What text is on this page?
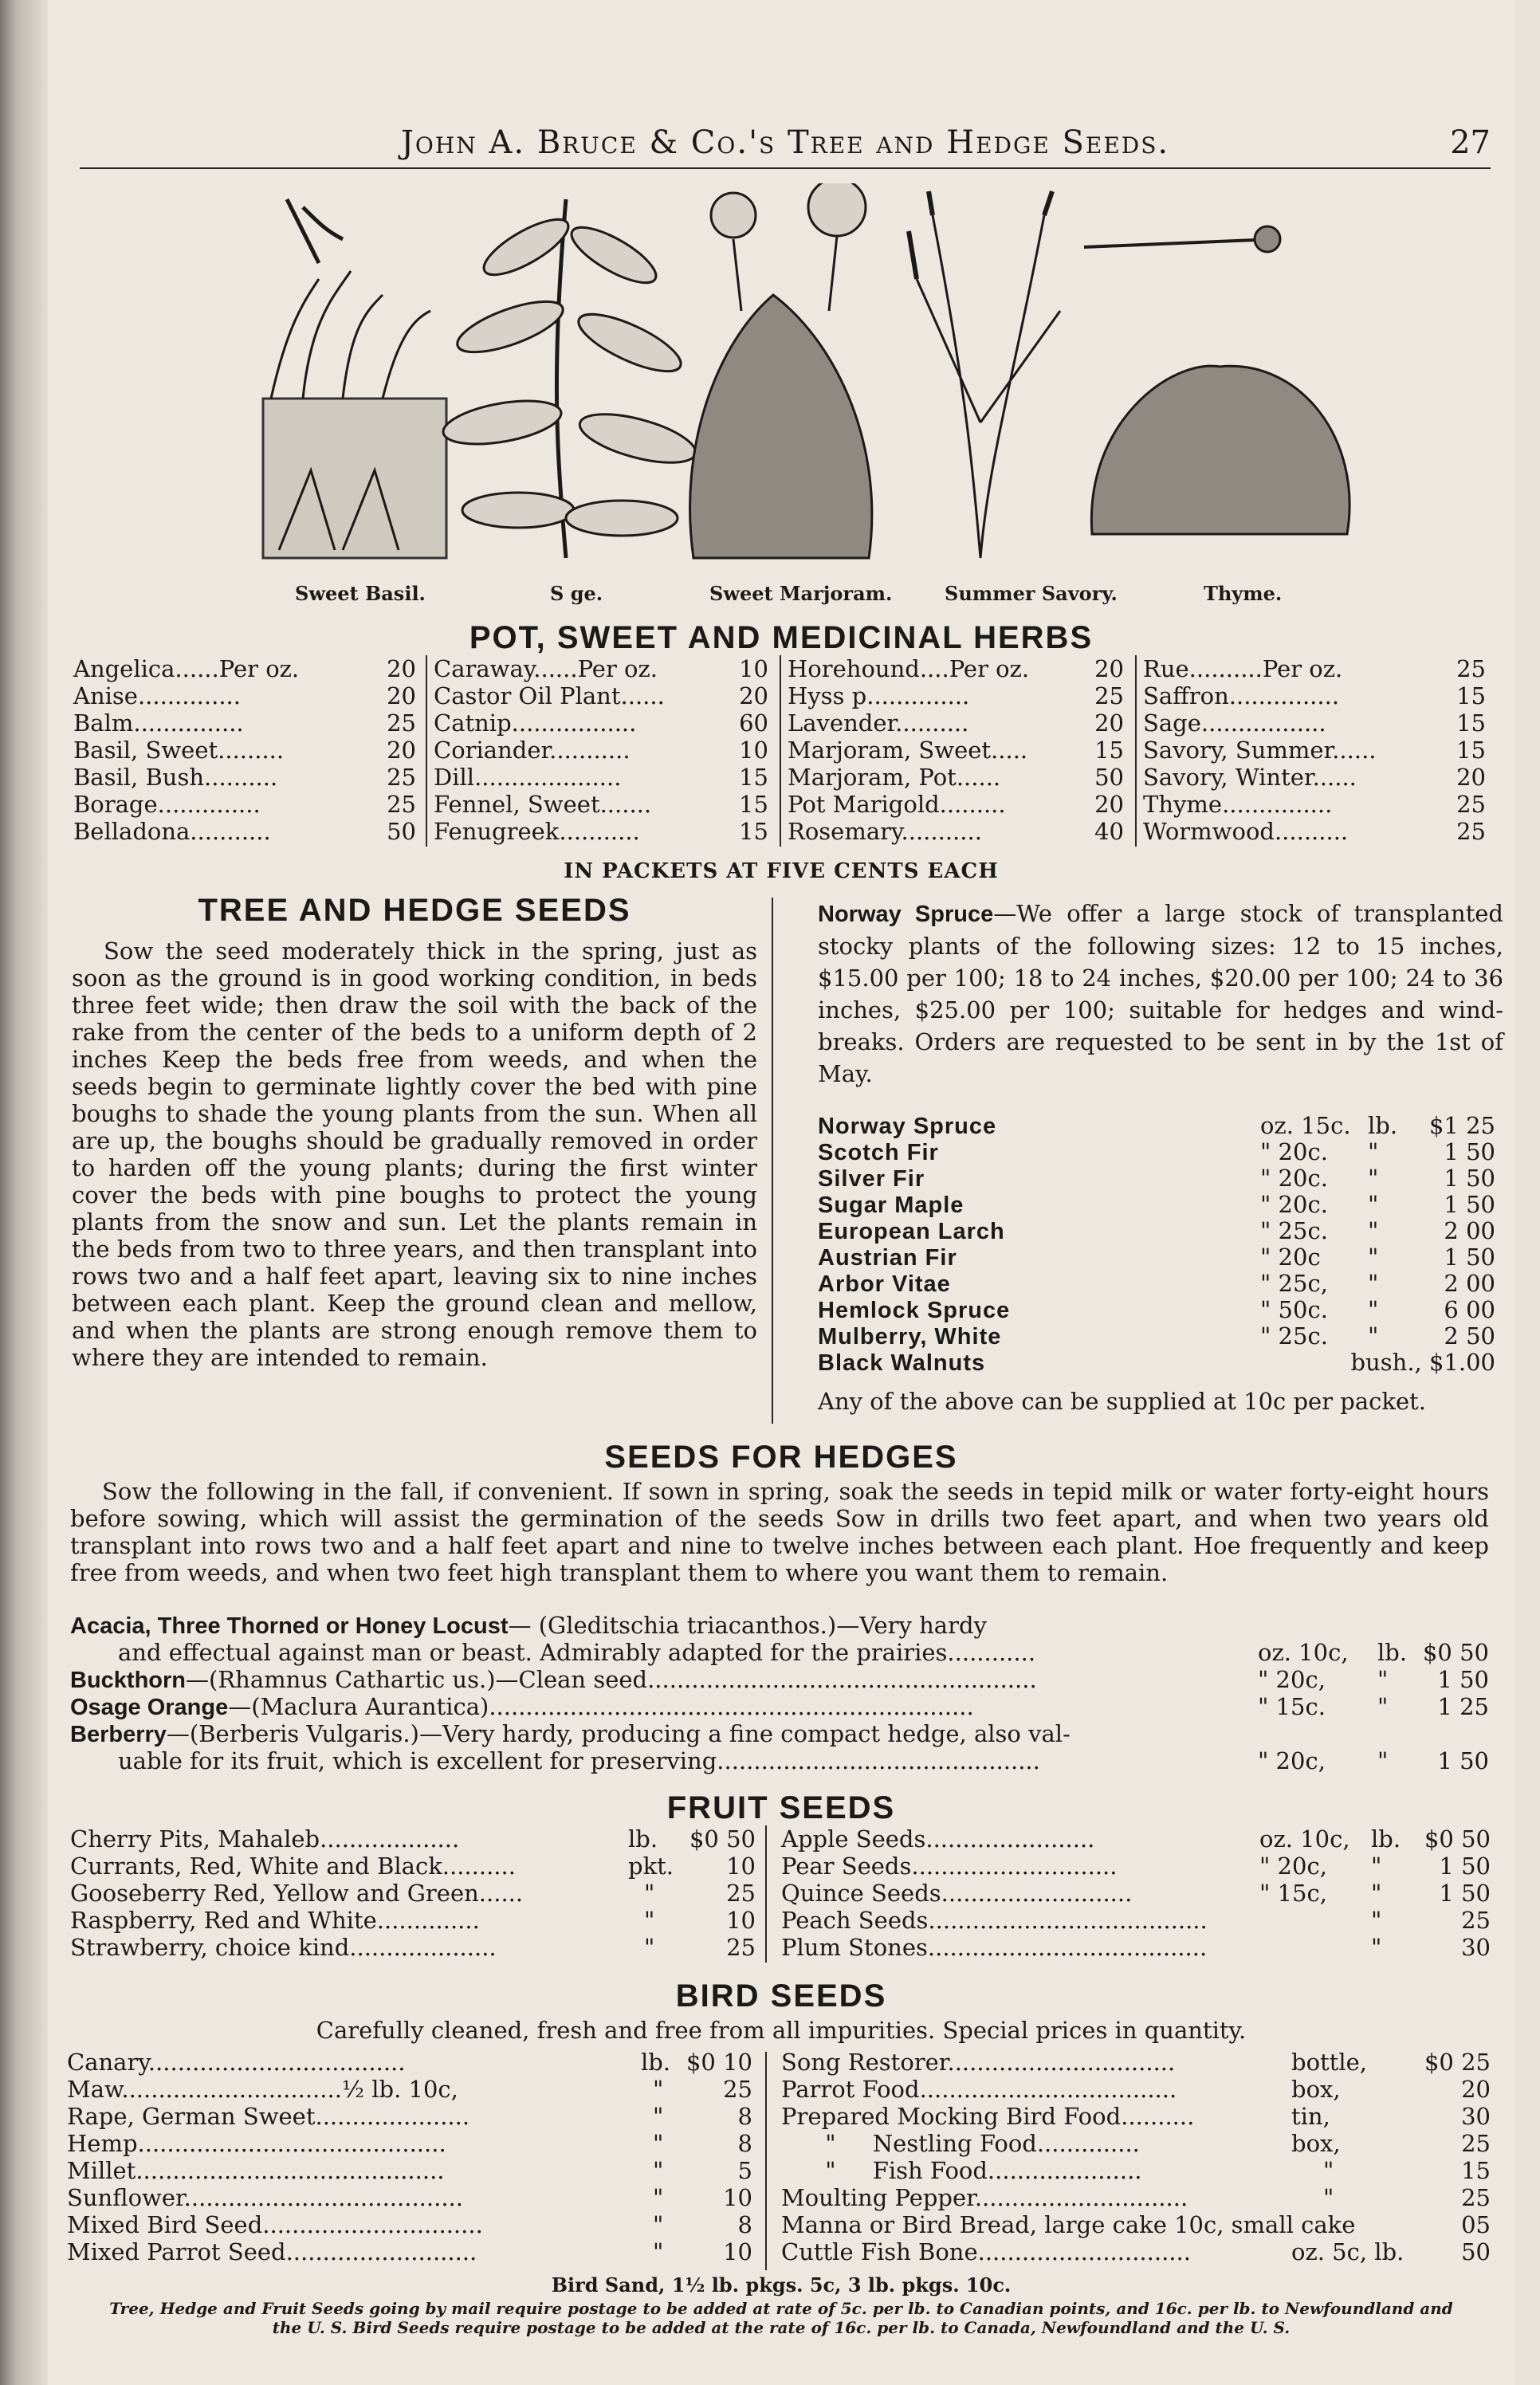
John A. Bruce & Co.'s Tree and Hedge Seeds.	27
Sweet Basil.	S ge.	Sweet Marjoram.	Summer Savory.	Thyme.
POT, SWEET AND MEDICINAL HERBS
Angelica......Per oz.	20
Anise..............	20
Balm...............	25
Basil, Sweet.........	20
Basil, Bush..........	25
Borage..............	25
Belladona...........	50
Caraway......Per oz.	10
Castor Oil Plant......	20
Catnip.................	60
Coriander...........	10
Dill....................	15
Fennel, Sweet.......	15
Fenugreek...........	15
Horehound....Per oz.	20
Hyss p..............	25
Lavender..........	20
Marjoram, Sweet.....	15
Marjoram, Pot......	50
Pot Marigold.........	20
Rosemary...........	40
Rue..........Per oz.	25
Saffron...............	15
Sage.................	15
Savory, Summer......	15
Savory, Winter......	20
Thyme...............	25
Wormwood..........	25
IN PACKETS AT FIVE CENTS EACH
TREE AND HEDGE SEEDS
Sow the seed moderately thick in the spring, just as soon as the ground is in good working condition, in beds three feet wide; then draw the soil with the back of the rake from the center of the beds to a uniform depth of 2 inches Keep the beds free from weeds, and when the seeds begin to germinate lightly cover the bed with pine boughs to shade the young plants from the sun. When all are up, the boughs should be gradually removed in order to harden off the young plants; during the first winter cover the beds with pine boughs to protect the young plants from the snow and sun. Let the plants remain in the beds from two to three years, and then transplant into rows two and a half feet apart, leaving six to nine inches between each plant. Keep the ground clean and mellow, and when the plants are strong enough remove them to where they are intended to remain.
Norway Spruce—We offer a large stock of transplanted stocky plants of the following sizes: 12 to 15 inches, $15.00 per 100; 18 to 24 inches, $20.00 per 100; 24 to 36 inches, $25.00 per 100; suitable for hedges and wind-breaks. Orders are requested to be sent in by the 1st of May.
Norway Spruce	oz. 15c. lb. $1 25
Scotch Fir	" 20c. "	1 50
Silver Fir	" 20c. "	1 50
Sugar Maple	" 20c. "	1 50
European Larch	" 25c. "	2 00
Austrian Fir	" 20c "	1 50
Arbor Vitae	" 25c, "	2 00
Hemlock Spruce	" 50c. "	6 00
Mulberry, White	" 25c. "	2 50
Black Walnuts	bush., $1.00
Any of the above can be supplied at 10c per packet.
SEEDS FOR HEDGES
Sow the following in the fall, if convenient. If sown in spring, soak the seeds in tepid milk or water forty-eight hours before sowing, which will assist the germination of the seeds Sow in drills two feet apart, and when two years old transplant into rows two and a half feet apart and nine to twelve inches between each plant. Hoe frequently and keep free from weeds, and when two feet high transplant them to where you want them to remain.
Acacia, Three Thorned or Honey Locust— (Gleditschia triacanthos.)—Very hardy
and effectual against man or beast. Admirably adapted for the prairies............	oz. 10c, lb. $0 50
Buckthorn—(Rhamnus Cathartic us.)—Clean seed.....................................................	" 20c, " 1 50
Osage Orange—(Maclura Aurantica)..................................................................	" 15c. " 1 25
Berberry—(Berberis Vulgaris.)—Very hardy, producing a fine compact hedge, also val-
uable for its fruit, which is excellent for preserving............................................	" 20c, " 1 50
FRUIT SEEDS
Cherry Pits, Mahaleb...................	lb. $0 50
Currants, Red, White and Black..........	pkt. 10
Gooseberry Red, Yellow and Green......	"	25
Raspberry, Red and White..............	"	10
Strawberry, choice kind....................	"	25
Apple Seeds.......................	oz. 10c, lb. $0 50
Pear Seeds............................	" 20c, " 1 50
Quince Seeds..........................	" 15c, " 1 50
Peach Seeds......................................	"	25
Plum Stones......................................	"	30
BIRD SEEDS
Carefully cleaned, fresh and free from all impurities. Special prices in quantity.
Canary...................................	lb. $0 10
Maw..............................½ lb. 10c,	"	25
Rape, German Sweet.....................	"	8
Hemp..........................................	"	8
Millet..........................................	"	5
Sunflower......................................	"	10
Mixed Bird Seed..............................	"	8
Mixed Parrot Seed..........................	"	10
Song Restorer...............................	bottle, $0 25
Parrot Food...................................	box,	20
Prepared Mocking Bird Food..........	tin,	30
"     Nestling Food..............	box,	25
"     Fish Food.....................	"	15
Moulting Pepper.............................	"	25
Manna or Bird Bread, large cake 10c, small cake	05
Cuttle Fish Bone.............................	oz. 5c, lb. 50
Bird Sand, 1½ lb. pkgs. 5c, 3 lb. pkgs. 10c.
Tree, Hedge and Fruit Seeds going by mail require postage to be added at rate of 5c. per lb. to Canadian points, and 16c. per lb. to Newfoundland and the U. S. Bird Seeds require postage to be added at the rate of 16c. per lb. to Canada, Newfoundland and the U. S.
